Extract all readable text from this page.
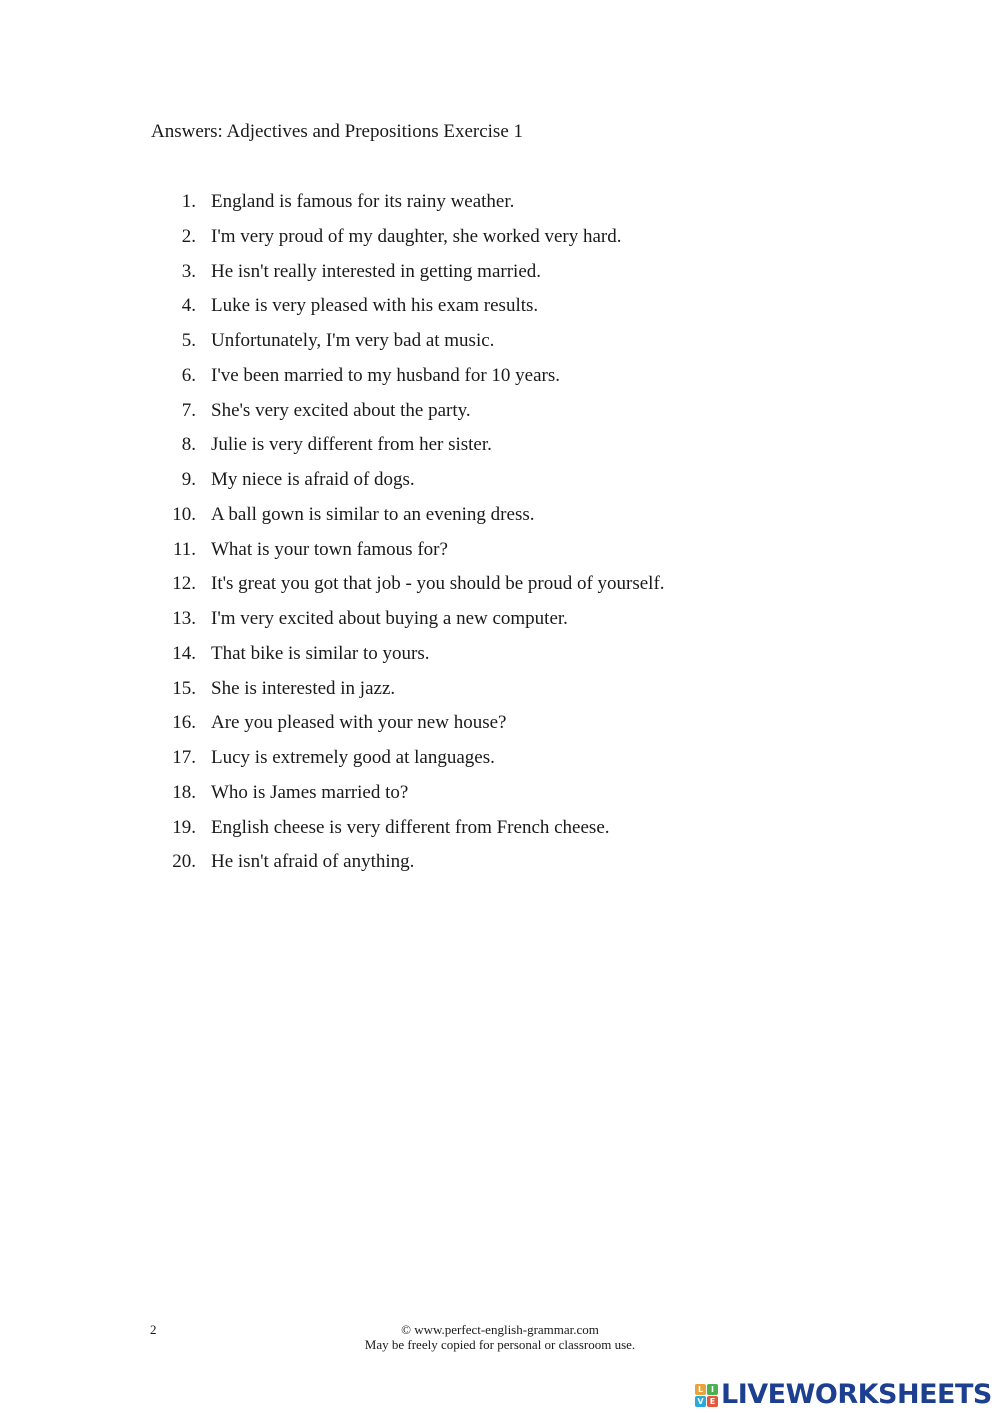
Answers: Adjectives and Prepositions Exercise 1
1. England is famous for its rainy weather.
2. I'm very proud of my daughter, she worked very hard.
3. He isn't really interested in getting married.
4. Luke is very pleased with his exam results.
5. Unfortunately, I'm very bad at music.
6. I've been married to my husband for 10 years.
7. She's very excited about the party.
8. Julie is very different from her sister.
9. My niece is afraid of dogs.
10. A ball gown is similar to an evening dress.
11. What is your town famous for?
12. It's great you got that job - you should be proud of yourself.
13. I'm very excited about buying a new computer.
14. That bike is similar to yours.
15. She is interested in jazz.
16. Are you pleased with your new house?
17. Lucy is extremely good at languages.
18. Who is James married to?
19. English cheese is very different from French cheese.
20. He isn't afraid of anything.
2	© www.perfect-english-grammar.com
May be freely copied for personal or classroom use.
L I
V E LIVEWORKSHEETS
